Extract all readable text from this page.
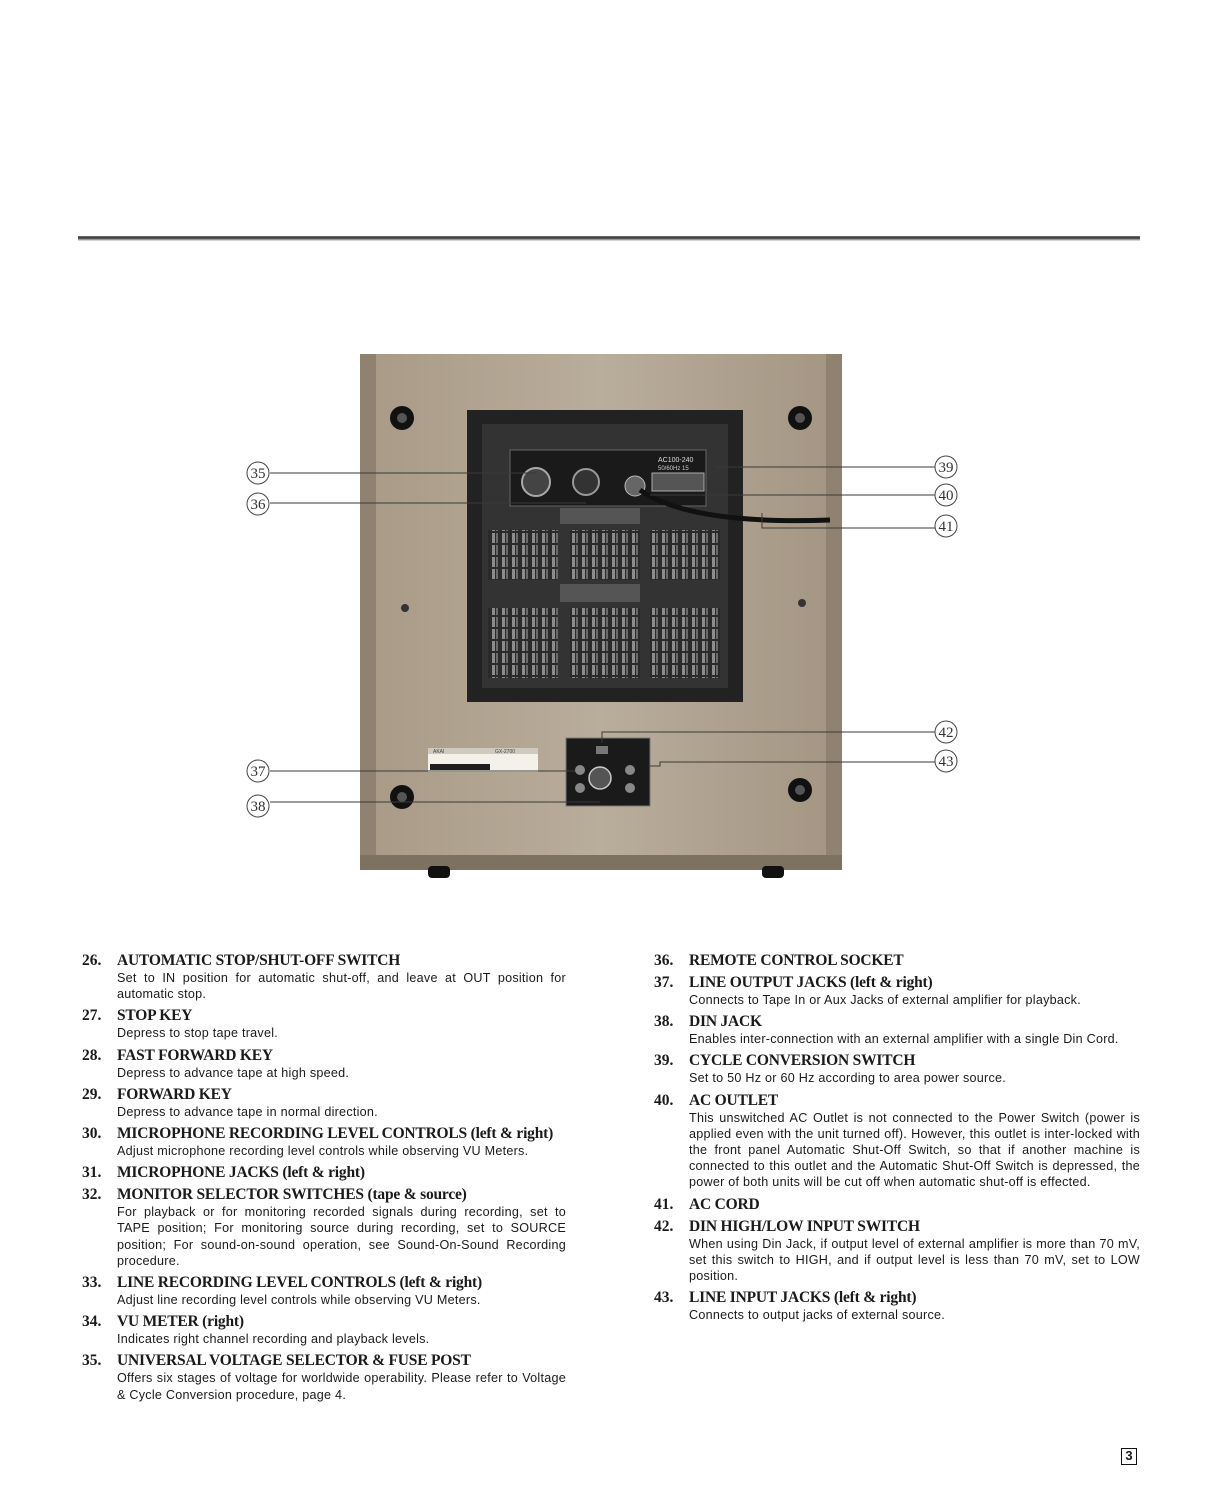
AC100-240
50/60Hz 15
AKAI	GX-2700
35
36
37
38
39
40
41
42
43
26.	AUTOMATIC STOP/SHUT-OFF SWITCH
Set to IN position for automatic shut-off, and leave at OUT position for automatic stop.
27.	STOP KEY
Depress to stop tape travel.
28.	FAST FORWARD KEY
Depress to advance tape at high speed.
29.	FORWARD KEY
Depress to advance tape in normal direction.
30.	MICROPHONE RECORDING LEVEL CONTROLS (left & right)
Adjust microphone recording level controls while observing VU Meters.
31.	MICROPHONE JACKS (left & right)
32.	MONITOR SELECTOR SWITCHES (tape & source)
For playback or for monitoring recorded signals during recording, set to TAPE position; For monitoring source during recording, set to SOURCE position; For sound-on-sound operation, see Sound-On-Sound Recording procedure.
33.	LINE RECORDING LEVEL CONTROLS (left & right)
Adjust line recording level controls while observing VU Meters.
34.	VU METER (right)
Indicates right channel recording and playback levels.
35.	UNIVERSAL VOLTAGE SELECTOR & FUSE POST
Offers six stages of voltage for worldwide operability. Please refer to Voltage & Cycle Conversion procedure, page 4.
36.	REMOTE CONTROL SOCKET
37.	LINE OUTPUT JACKS (left & right)
Connects to Tape In or Aux Jacks of external amplifier for playback.
38.	DIN JACK
Enables inter-connection with an external amplifier with a single Din Cord.
39.	CYCLE CONVERSION SWITCH
Set to 50 Hz or 60 Hz according to area power source.
40.	AC OUTLET
This unswitched AC Outlet is not connected to the Power Switch (power is applied even with the unit turned off). However, this outlet is inter-locked with the front panel Automatic Shut-Off Switch, so that if another machine is connected to this outlet and the Automatic Shut-Off Switch is depressed, the power of both units will be cut off when automatic shut-off is effected.
41.	AC CORD
42.	DIN HIGH/LOW INPUT SWITCH
When using Din Jack, if output level of external amplifier is more than 70 mV, set this switch to HIGH, and if output level is less than 70 mV, set to LOW position.
43.	LINE INPUT JACKS (left & right)
Connects to output jacks of external source.
3
